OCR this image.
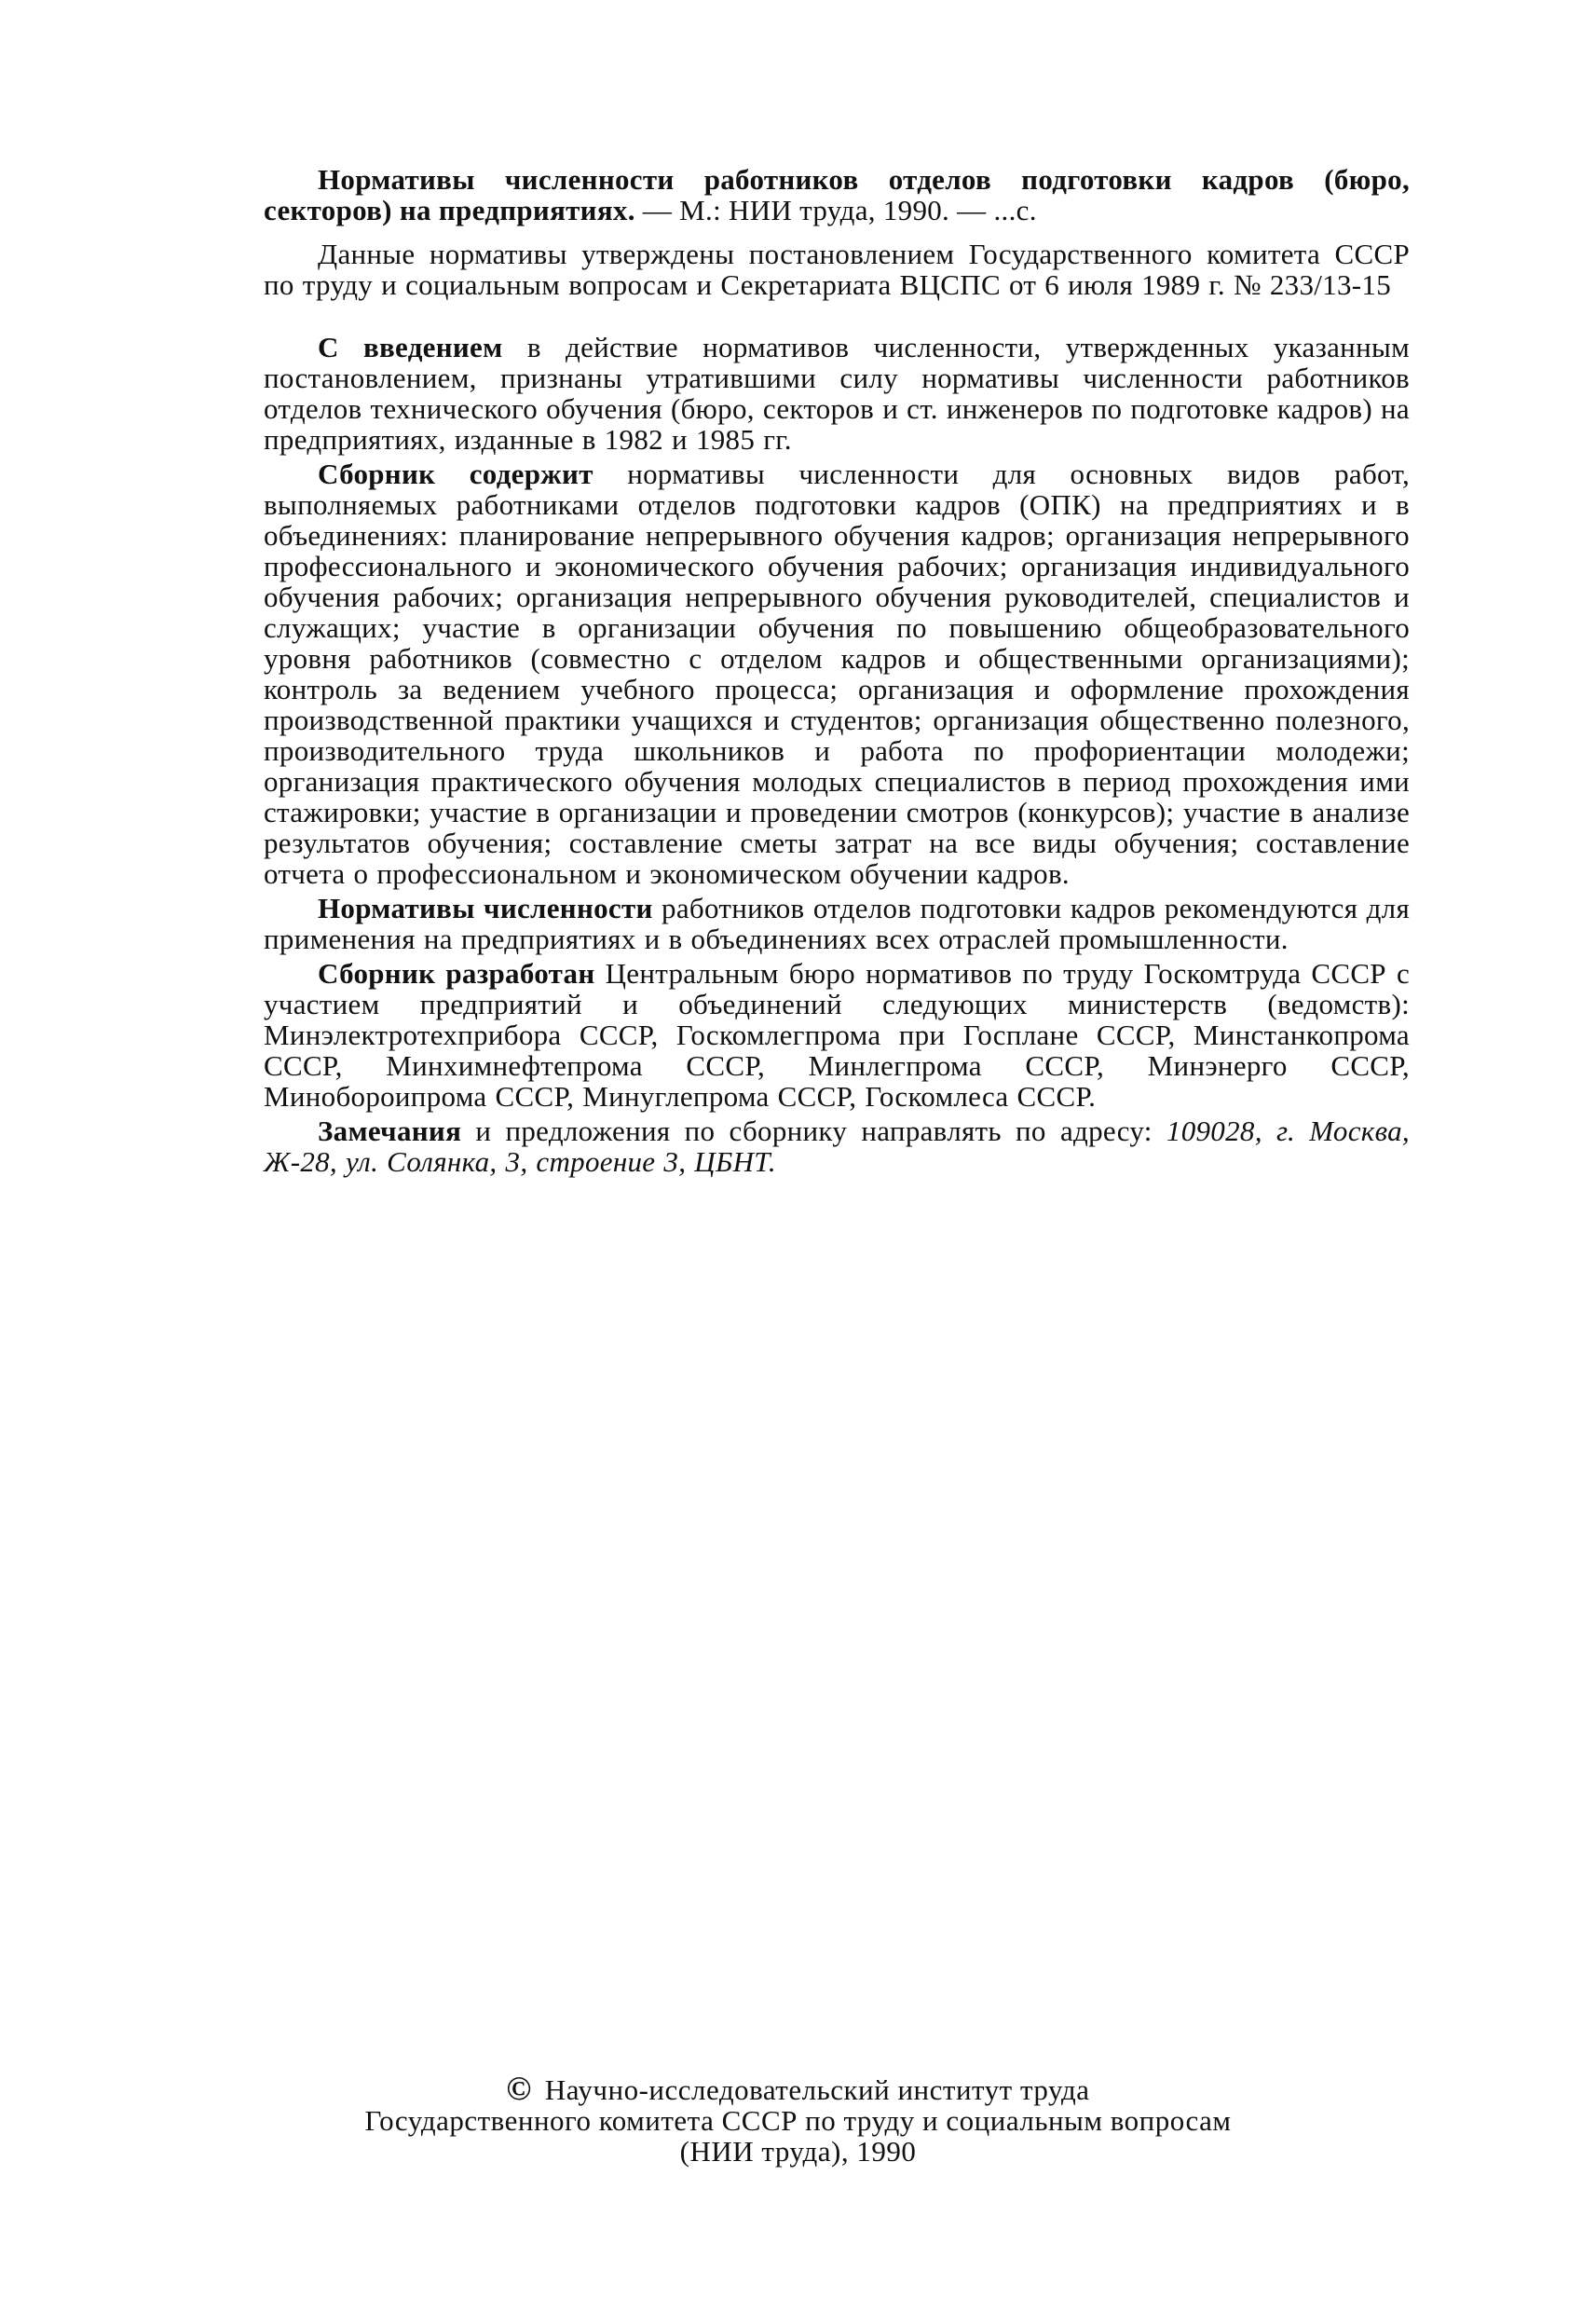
Нормативы численности работников отделов подготовки кадров (бюро, секторов) на предприятиях. — М.: НИИ труда, 1990. — ...с.

Данные нормативы утверждены постановлением Государственного комитета СССР по труду и социальным вопросам и Секретариата ВЦСПС от 6 июля 1989 г. № 233/13-15

С введением в действие нормативов численности, утвержденных указанным постановлением, признаны утратившими силу нормативы численности работников отделов технического обучения (бюро, секторов и ст. инженеров по подготовке кадров) на предприятиях, изданные в 1982 и 1985 гг.

Сборник содержит нормативы численности для основных видов работ, выполняемых работниками отделов подготовки кадров (ОПК) на предприятиях и в объединениях: планирование непрерывного обучения кадров; организация непрерывного профессионального и экономического обучения рабочих; организация индивидуального обучения рабочих; организация непрерывного обучения руководителей, специалистов и служащих; участие в организации обучения по повышению общеобразовательного уровня работников (совместно с отделом кадров и общественными организациями); контроль за ведением учебного процесса; организация и оформление прохождения производственной практики учащихся и студентов; организация общественно полезного, производительного труда школьников и работа по профориентации молодежи; организация практического обучения молодых специалистов в период прохождения ими стажировки; участие в организации и проведении смотров (конкурсов); участие в анализе результатов обучения; составление сметы затрат на все виды обучения; составление отчета о профессиональном и экономическом обучении кадров.

Нормативы численности работников отделов подготовки кадров рекомендуются для применения на предприятиях и в объединениях всех отраслей промышленности.

Сборник разработан Центральным бюро нормативов по труду Госкомтруда СССР с участием предприятий и объединений следующих министерств (ведомств): Минэлектротехприбора СССР, Госкомлегпрома при Госплане СССР, Минстанкопрома СССР, Минхимнефтепрома СССР, Минлегпрома СССР, Минэнерго СССР, Минобороипрома СССР, Минуглепрома СССР, Госкомлеса СССР.

Замечания и предложения по сборнику направлять по адресу: 109028, г. Москва, Ж-28, ул. Солянка, 3, строение 3, ЦБНТ.

© Научно-исследовательский институт труда
Государственного комитета СССР по труду и социальным вопросам
(НИИ труда), 1990
